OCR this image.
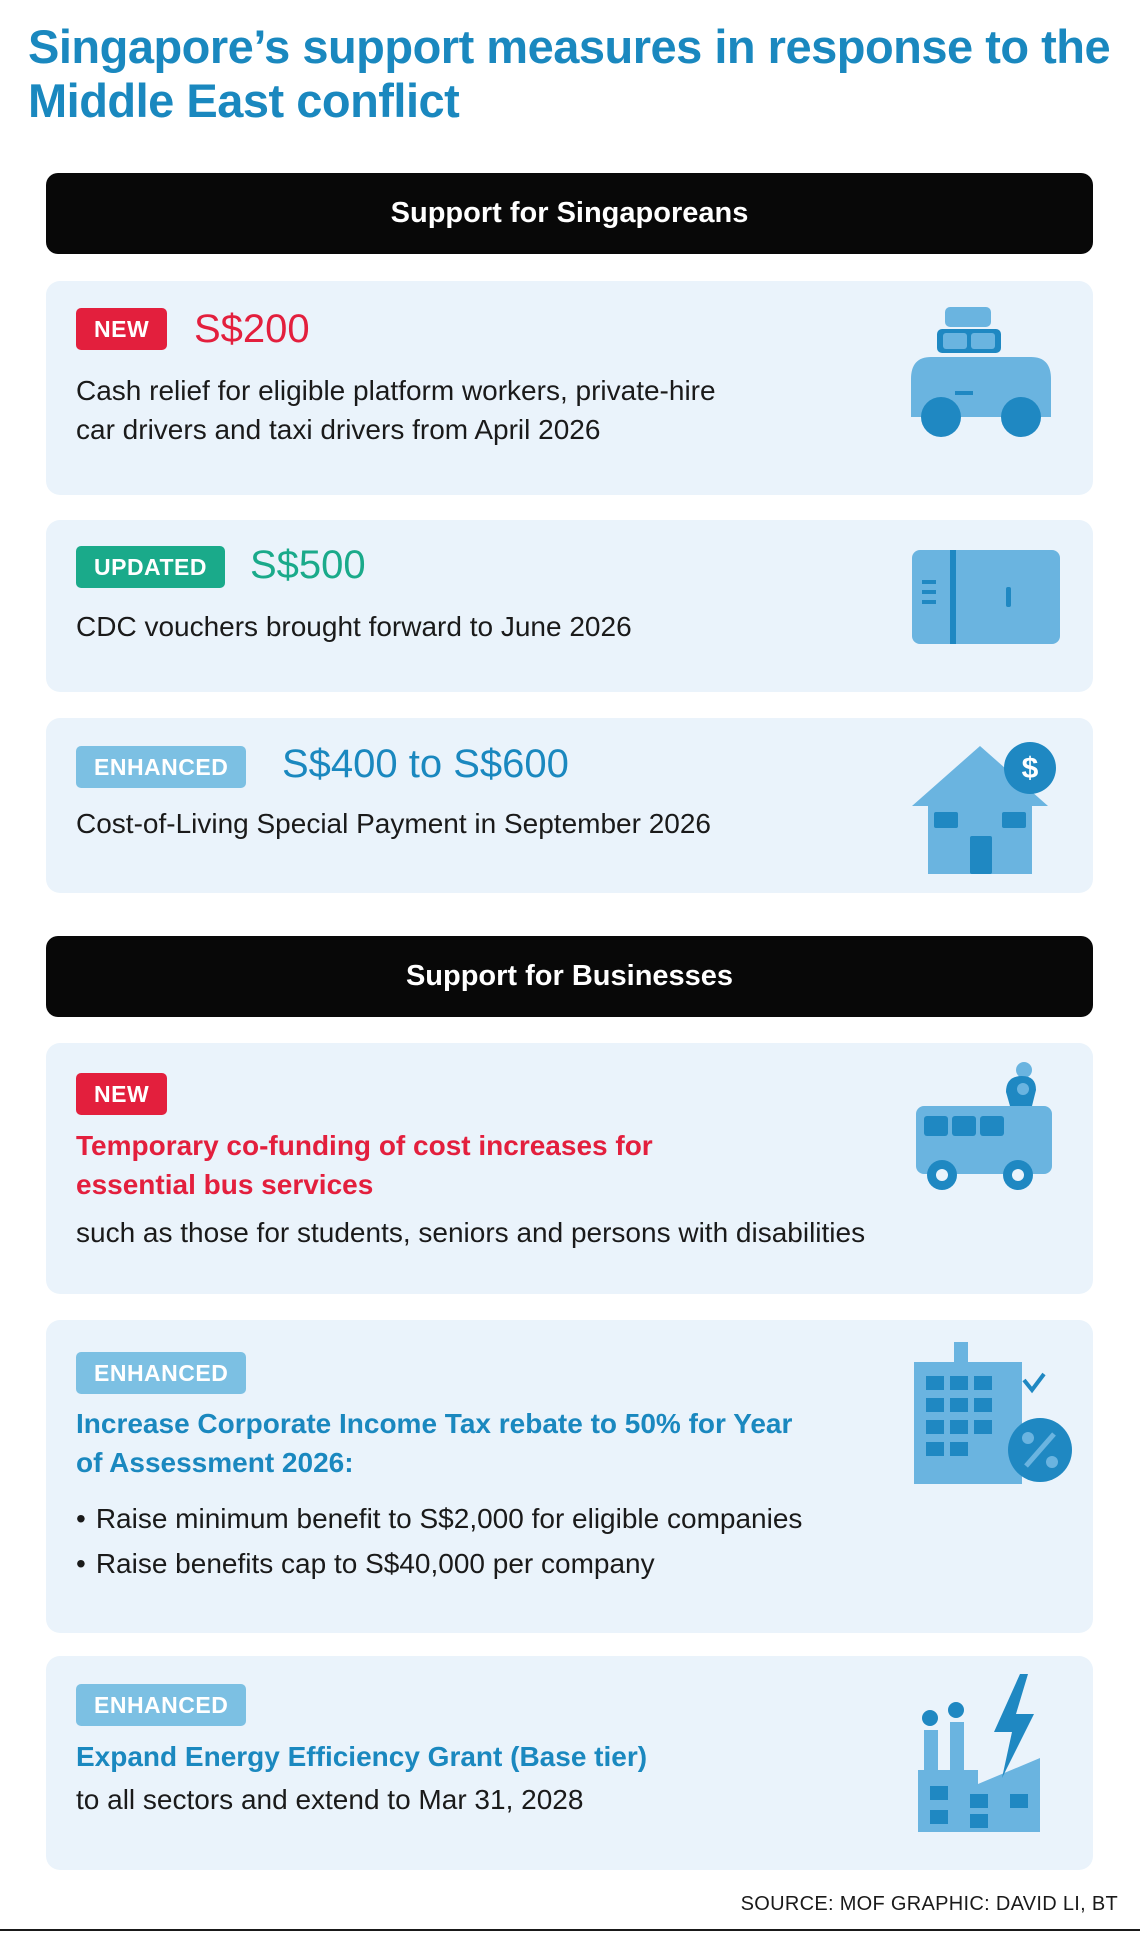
Singapore’s support measures in response to the Middle East conflict
Support for Singaporeans
NEW	S$200

Cash relief for eligible platform workers, private-hire car drivers and taxi drivers from April 2026

UPDATED	S$500

CDC vouchers brought forward to June 2026

ENHANCED	S$400 to S$600

Cost-of-Living Special Payment in September 2026

$
Support for Businesses
NEW

Temporary co-funding of cost increases for essential bus services

such as those for students, seniors and persons with disabilities

ENHANCED

Increase Corporate Income Tax rebate to 50% for Year of Assessment 2026:

• Raise minimum benefit to S$2,000 for eligible companies
• Raise benefits cap to S$40,000 per company
ENHANCED

Expand Energy Efficiency Grant (Base tier)

to all sectors and extend to Mar 31, 2028

SOURCE: MOF GRAPHIC: DAVID LI, BT
